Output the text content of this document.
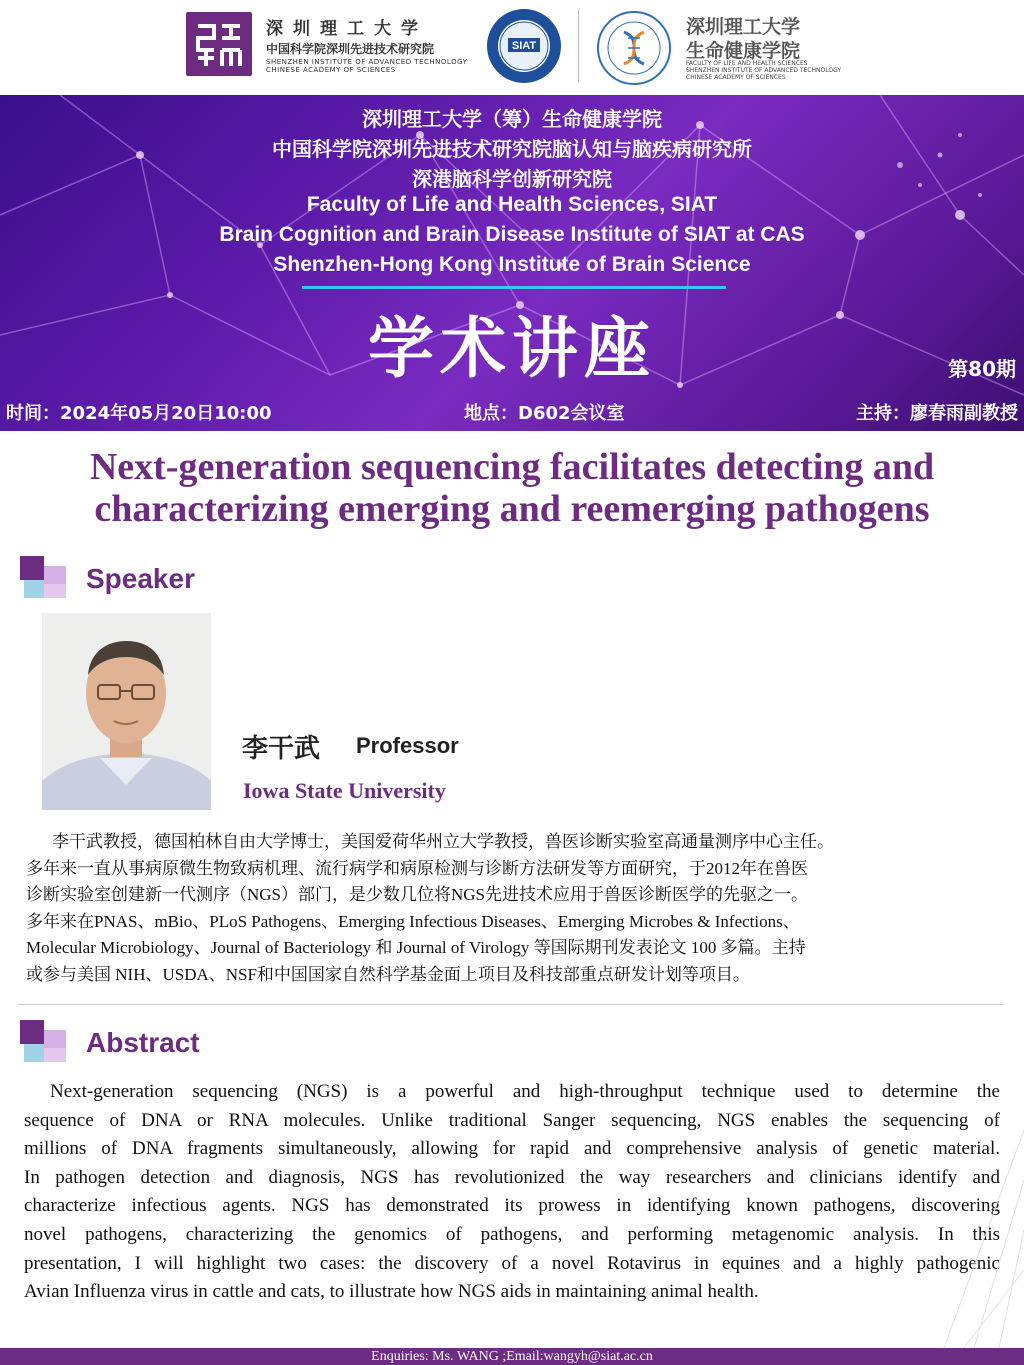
深圳理工大学
中国科学院深圳先进技术研究院
SHENZHEN INSTITUTE OF ADVANCED TECHNOLOGY
CHINESE ACADEMY OF SCIENCES
SIAT
深圳理工大学
生命健康学院
FACULTY OF LIFE AND HEALTH SCIENCES
SHENZHEN INSTITUTE OF ADVANCED TECHNOLOGY
CHINESE ACADEMY OF SCIENCES
深圳理工大学（筹）生命健康学院
中国科学院深圳先进技术研究院脑认知与脑疾病研究所
深港脑科学创新研究院
Faculty of Life and Health Sciences, SIAT
Brain Cognition and Brain Disease Institute of SIAT at CAS
Shenzhen-Hong Kong Institute of Brain Science
学术讲座	第80期
时间：2024年05月20日10:00	地点：D602会议室	主持：廖春雨副教授
Next-generation sequencing facilitates detecting and
characterizing emerging and reemerging pathogens
Speaker
李干武 Professor
Iowa State University
李干武教授，德国柏林自由大学博士，美国爱荷华州立大学教授，兽医诊断实验室高通量测序中心主任。
多年来一直从事病原微生物致病机理、流行病学和病原检测与诊断方法研发等方面研究，于2012年在兽医
诊断实验室创建新一代测序（NGS）部门，是少数几位将NGS先进技术应用于兽医诊断医学的先驱之一。
多年来在PNAS、mBio、PLoS Pathogens、Emerging Infectious Diseases、Emerging Microbes & Infections、
Molecular Microbiology、Journal of Bacteriology 和 Journal of Virology 等国际期刊发表论文 100 多篇。主持
或参与美国 NIH、USDA、NSF和中国国家自然科学基金面上项目及科技部重点研发计划等项目。
Abstract
Next-generation sequencing (NGS) is a powerful and high-throughput technique used to determine the
sequence of DNA or RNA molecules. Unlike traditional Sanger sequencing, NGS enables the sequencing of
millions of DNA fragments simultaneously, allowing for rapid and comprehensive analysis of genetic material.
In pathogen detection and diagnosis, NGS has revolutionized the way researchers and clinicians identify and
characterize infectious agents. NGS has demonstrated its prowess in identifying known pathogens, discovering
novel pathogens, characterizing the genomics of pathogens, and performing metagenomic analysis. In this
presentation, I will highlight two cases: the discovery of a novel Rotavirus in equines and a highly pathogenic
Avian Influenza virus in cattle and cats, to illustrate how NGS aids in maintaining animal health.
Enquiries: Ms. WANG ;Email:wangyh@siat.ac.cn
